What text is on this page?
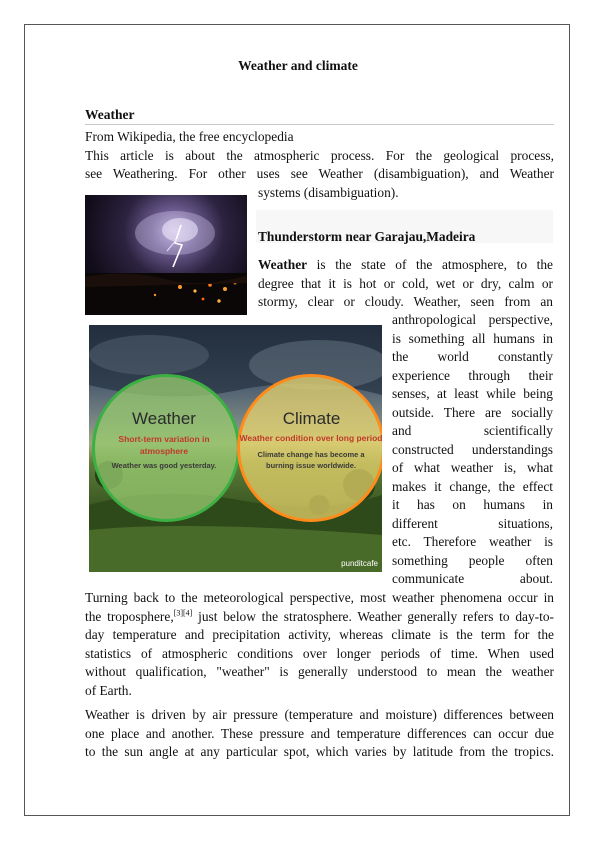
Weather and climate
Weather
From Wikipedia, the free encyclopedia
This article is about the atmospheric process. For the geological process,
see Weathering. For other uses see Weather (disambiguation), and Weather
systems (disambiguation).
Thunderstorm near Garajau,Madeira
Weather is the state of the atmosphere, to the
degree that it is hot or cold, wet or dry, calm or
stormy, clear or cloudy. Weather, seen from an
anthropological perspective,
is something all humans in
the world constantly
experience through their
senses, at least while being
outside. There are socially
and scientifically
constructed understandings
of what weather is, what
makes it change, the effect
it has on humans in
different situations,
etc. Therefore weather is
something people often
communicate about.
Weather
Short-term variation in atmosphere
Weather was good yesterday.
Climate
Weather condition over long period
Climate change has become a burning issue worldwide.
punditcafe
Turning back to the meteorological perspective, most weather phenomena occur in
the troposphere,[3][4] just below the stratosphere. Weather generally refers to day-to-
day temperature and precipitation activity, whereas climate is the term for the
statistics of atmospheric conditions over longer periods of time. When used
without qualification, "weather" is generally understood to mean the weather
of Earth.
Weather is driven by air pressure (temperature and moisture) differences between
one place and another. These pressure and temperature differences can occur due
to the sun angle at any particular spot, which varies by latitude from the tropics.
